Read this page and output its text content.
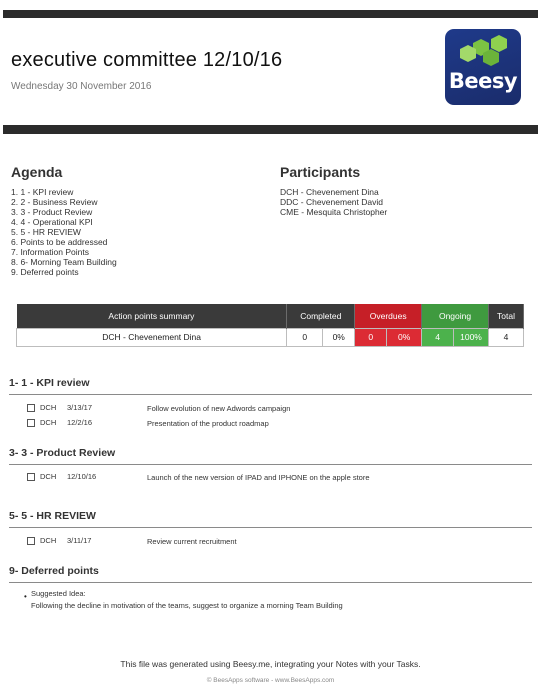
executive committee 12/10/16
Wednesday 30 November 2016	Beesy
Agenda
1. 1 - KPI review
2. 2 - Business Review
3. 3 - Product Review
4. 4 - Operational KPI
5. 5 - HR REVIEW
6. Points to be addressed
7. Information Points
8. 6- Morning Team Building
9. Deferred points
Participants
DCH - Chevenement Dina
DDC - Chevenement David
CME - Mesquita Christopher
Action points summary	Completed		Overdues		Ongoing		Total
DCH - Chevenement Dina	0	0%	0	0%	4	100%	4
1- 1 - KPI review
DCH 3/13/17	Follow evolution of new Adwords campaign
DCH 12/2/16	Presentation of the product roadmap
3- 3 - Product Review
DCH 12/10/16	Launch of the new version of IPAD and IPHONE on the apple store
5- 5 - HR REVIEW
DCH 3/11/17	Review current recruitment
9- Deferred points
• Suggested Idea:
Following the decline in motivation of the teams, suggest to organize a morning Team Building
This file was generated using Beesy.me, integrating your Notes with your Tasks.
© BeesApps software - www.BeesApps.com
